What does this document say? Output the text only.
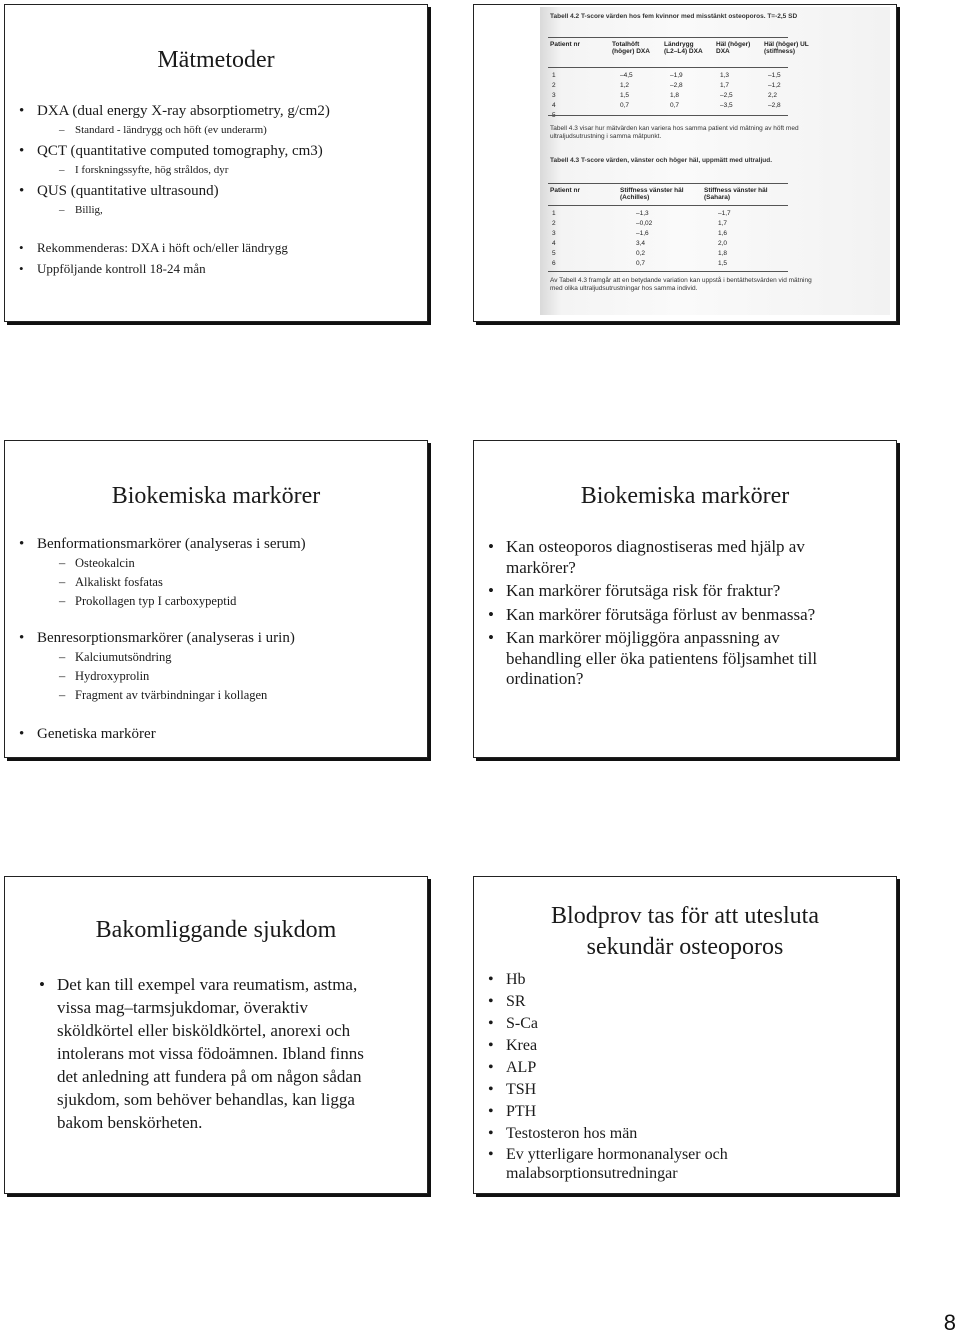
Mätmetoder
• DXA (dual energy X-ray absorptiometry, g/cm2)
– Standard - ländrygg och höft (ev underarm)
• QCT (quantitative computed tomography, cm3)
– I forskningssyfte, hög stråldos, dyr
• QUS (quantitative ultrasound)
– Billig,
• Rekommenderas: DXA i höft och/eller ländrygg
• Uppföljande kontroll 18-24 mån
Tabell 4.2 T-score värden hos fem kvinnor med misstänkt osteoporos. T=-2,5 SD
Patient nr	Totalhöft (höger) DXA
Ländrygg (L2–L4) DXA
Häl (höger) DXA
Häl (höger) UL (stiffness)
1
2
3
4
–4,5
1,2
1,5
0,7
–1,9
–2,8
1,8
0,7
1,3
1,7
–2,5
–3,5
–1,5
–1,2
2,2
–2,8
Tabell 4.3 visar hur mätvärden kan variera hos samma patient vid mätning av höft med ultraljudsutrustning i samma mätpunkt.
Tabell 4.3 T-score värden, vänster och höger häl, uppmätt med ultraljud.
Patient nr	Stiffness vänster häl (Achilles)
Stiffness vänster häl (Sahara)
1
2
3
4
5
6
–1,3
–0,02
–1,6
3,4
0,2
0,7
–1,7
1,7
1,6
2,0
1,8
1,5
Av Tabell 4.3 framgår att en betydande variation kan uppstå i bentäthetsvärden vid mätning med olika ultraljudsutrustningar hos samma individ.
Biokemiska markörer
• Benformationsmarkörer (analyseras i serum)
– Osteokalcin
– Alkaliskt fosfatas
– Prokollagen typ I carboxypeptid
• Benresorptionsmarkörer (analyseras i urin)
– Kalciumutsöndring
– Hydroxyprolin
– Fragment av tvärbindningar i kollagen
• Genetiska markörer
Biokemiska markörer
• Kan osteoporos diagnostiseras med hjälp av markörer?
• Kan markörer förutsäga risk för fraktur?
• Kan markörer förutsäga förlust av benmassa?
• Kan markörer möjliggöra anpassning av behandling eller öka patientens följsamhet till ordination?
Bakomliggande sjukdom
• Det kan till exempel vara reumatism, astma, vissa mag–tarmsjukdomar, överaktiv sköldkörtel eller bisköldkörtel, anorexi och intolerans mot vissa födoämnen. Ibland finns det anledning att fundera på om någon sådan sjukdom, som behöver behandlas, kan ligga bakom benskörheten.
Blodprov tas för att utesluta sekundär osteoporos
• Hb
• SR
• S-Ca
• Krea
• ALP
• TSH
• PTH
• Testosteron hos män
• Ev ytterligare hormonanalyser och malabsorptionsutredningar
8
